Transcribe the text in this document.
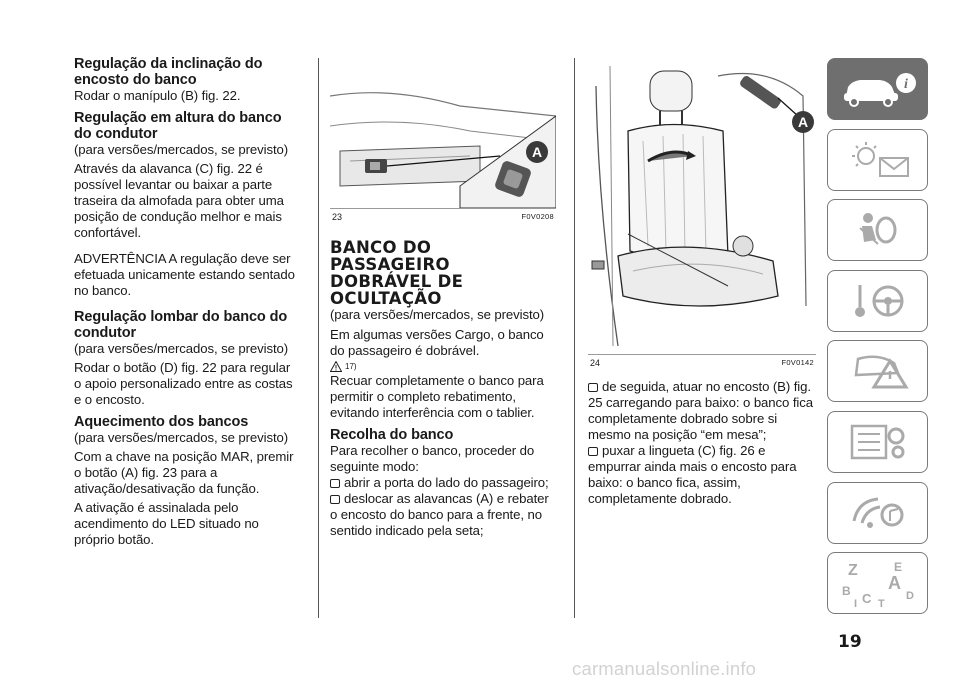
Regulação da inclinação do encosto do banco

Rodar o manípulo (B) fig. 22.

Regulação em altura do banco do condutor

(para versões/mercados, se previsto)

Através da alavanca (C) fig. 22 é possível levantar ou baixar a parte traseira da almofada para obter uma posição de condução melhor e mais confortável.

ADVERTÊNCIA A regulação deve ser efetuada unicamente estando sentado no banco.

Regulação lombar do banco do condutor

(para versões/mercados, se previsto)

Rodar o botão (D) fig. 22 para regular o apoio personalizado entre as costas e o encosto.

Aquecimento dos bancos

(para versões/mercados, se previsto)

Com a chave na posição MAR, premir o botão (A) fig. 23 para a ativação/desativação da função.

A ativação é assinalada pelo acendimento do LED situado no próprio botão.

A
23	F0V0208
BANCO DO PASSAGEIRO DOBRÁVEL DE OCULTAÇÃO

(para versões/mercados, se previsto)

Em algumas versões Cargo, o banco do passageiro é dobrável.

17)

Recuar completamente o banco para permitir o completo rebatimento, evitando interferência com o tablier.

Recolha do banco

Para recolher o banco, proceder do seguinte modo:

abrir a porta do lado do passageiro;

deslocar as alavancas (A) e rebater o encosto do banco para a frente, no sentido indicado pela seta;

A
24	F0V0142

de seguida, atuar no encosto (B) fig. 25 carregando para baixo: o banco fica completamente dobrado sobre si mesmo na posição “em mesa”;

puxar a lingueta (C) fig. 26 e empurrar ainda mais o encosto para baixo: o banco fica, assim, completamente dobrado.

i
Z	E
A
B C	D
I T
19
carmanualsonline.info
